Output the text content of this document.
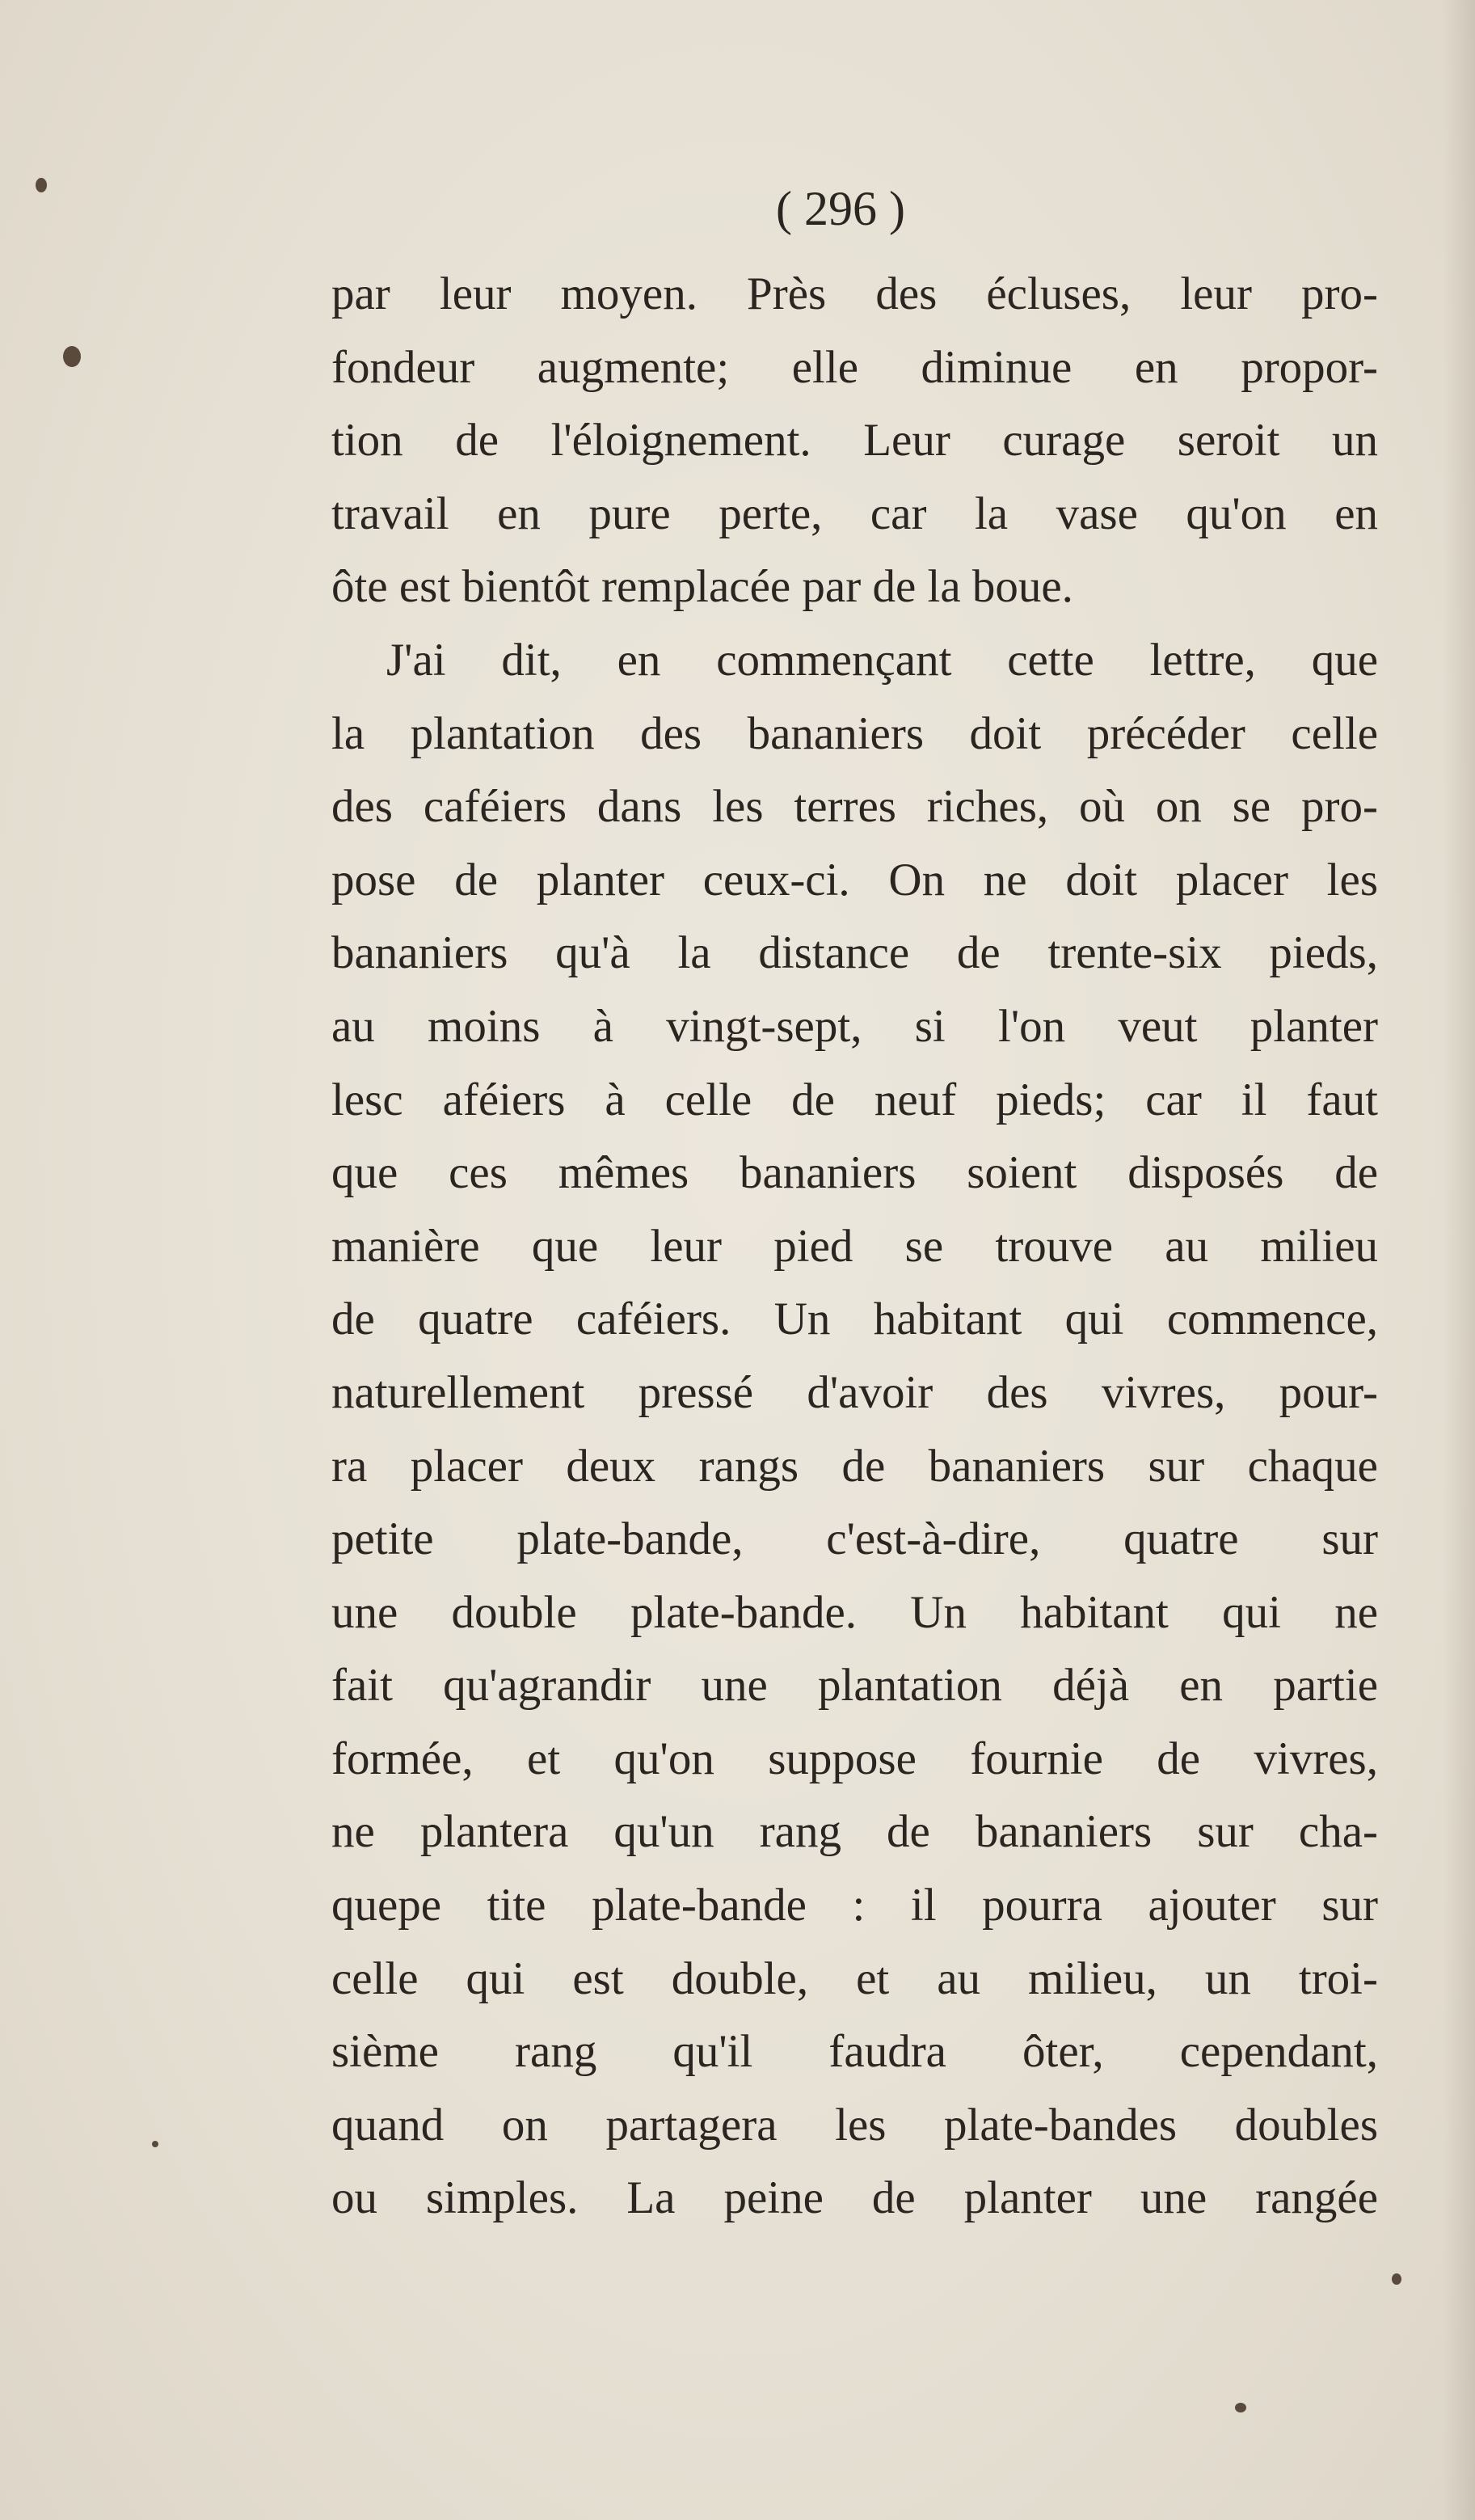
( 296 )
par leur moyen. Près des écluses, leur pro-
fondeur augmente; elle diminue en propor-
tion de l'éloignement. Leur curage seroit un
travail en pure perte, car la vase qu'on en
ôte est bientôt remplacée par de la boue.
J'ai dit, en commençant cette lettre, que
la plantation des bananiers doit précéder celle
des caféiers dans les terres riches, où on se pro-
pose de planter ceux-ci. On ne doit placer les
bananiers qu'à la distance de trente-six pieds,
au moins à vingt-sept, si l'on veut planter
lesc aféiers à celle de neuf pieds; car il faut
que ces mêmes bananiers soient disposés de
manière que leur pied se trouve au milieu
de quatre caféiers. Un habitant qui commence,
naturellement pressé d'avoir des vivres, pour-
ra placer deux rangs de bananiers sur chaque
petite plate-bande, c'est-à-dire, quatre sur
une double plate-bande. Un habitant qui ne
fait qu'agrandir une plantation déjà en partie
formée, et qu'on suppose fournie de vivres,
ne plantera qu'un rang de bananiers sur cha-
quepe tite plate-bande : il pourra ajouter sur
celle qui est double, et au milieu, un troi-
sième rang qu'il faudra ôter, cependant,
quand on partagera les plate-bandes doubles
ou simples. La peine de planter une rangée
